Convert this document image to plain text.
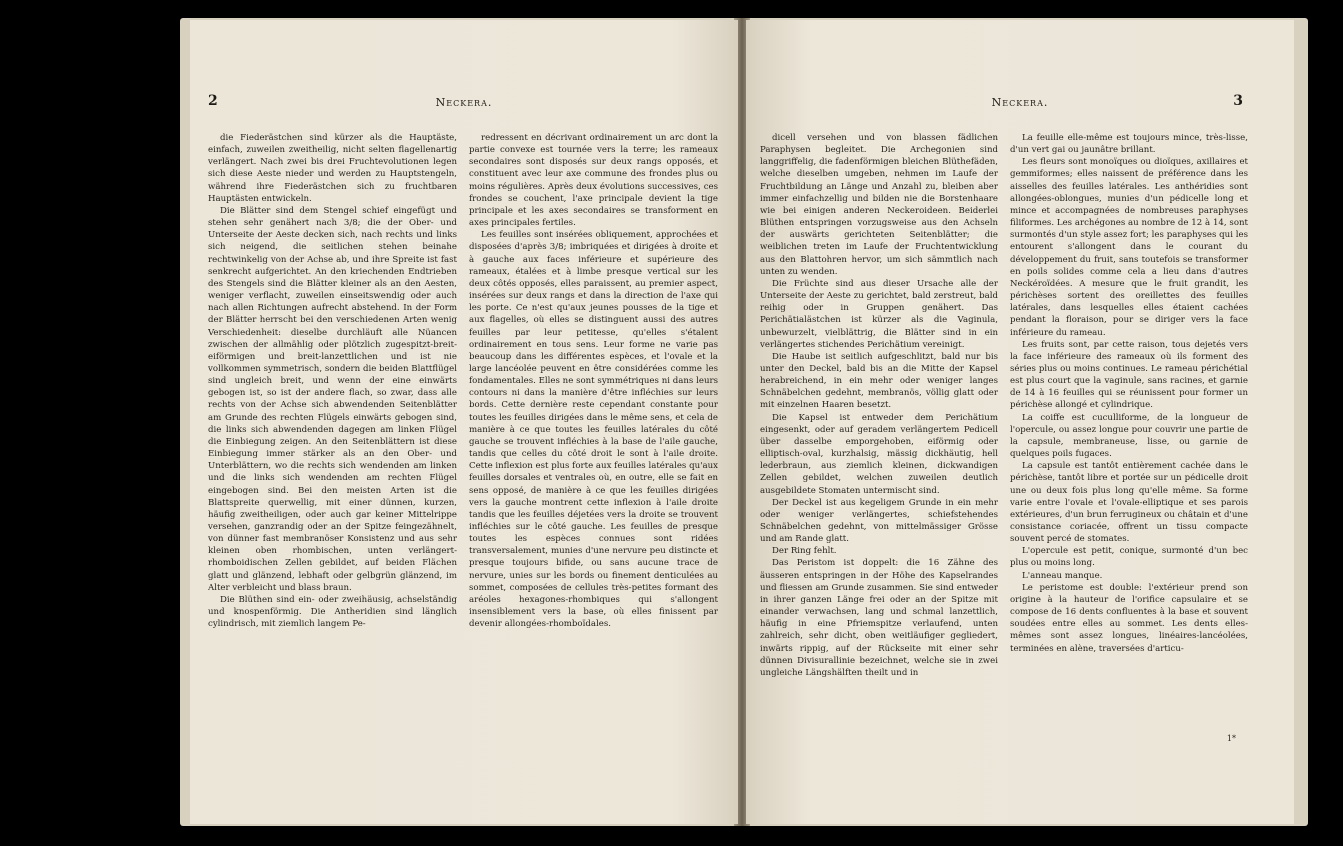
2	Neckera.

die Fiederästchen sind kürzer als die Hauptäste, einfach, zuweilen zweitheilig, nicht selten flagellenartig verlängert. Nach zwei bis drei Fruchtevolutionen legen sich diese Aeste nieder und werden zu Hauptstengeln, während ihre Fiederästchen sich zu fruchtbaren Hauptästen entwickeln.

Die Blätter sind dem Stengel schief eingefügt und stehen sehr genähert nach 3/8; die der Ober- und Unterseite der Aeste decken sich, nach rechts und links sich neigend, die seitlichen stehen beinahe rechtwinkelig von der Achse ab, und ihre Spreite ist fast senkrecht aufgerichtet. An den kriechenden Endtrieben des Stengels sind die Blätter kleiner als an den Aesten, weniger verflacht, zuweilen einseitswendig oder auch nach allen Richtungen aufrecht abstehend. In der Form der Blätter herrscht bei den verschiedenen Arten wenig Verschiedenheit: dieselbe durchläuft alle Nüancen zwischen der allmählig oder plötzlich zugespitzt-breit-eiförmigen und breit-lanzettlichen und ist nie vollkommen symmetrisch, sondern die beiden Blattflügel sind ungleich breit, und wenn der eine einwärts gebogen ist, so ist der andere flach, so zwar, dass alle rechts von der Achse sich abwendenden Seitenblätter am Grunde des rechten Flügels einwärts gebogen sind, die links sich abwendenden dagegen am linken Flügel die Einbiegung zeigen. An den Seitenblättern ist diese Einbiegung immer stärker als an den Ober- und Unterblättern, wo die rechts sich wendenden am linken und die links sich wendenden am rechten Flügel eingebogen sind. Bei den meisten Arten ist die Blattspreite querwellig, mit einer dünnen, kurzen, häufig zweitheiligen, oder auch gar keiner Mittelrippe versehen, ganzrandig oder an der Spitze feingezähnelt, von dünner fast membranöser Konsistenz und aus sehr kleinen oben rhombischen, unten verlängert-rhomboidischen Zellen gebildet, auf beiden Flächen glatt und glänzend, lebhaft oder gelbgrün glänzend, im Alter verbleicht und blass braun.

Die Blüthen sind ein- oder zweihäusig, achselständig und knospenförmig. Die Antheridien sind länglich cylindrisch, mit ziemlich langem Pe-

redressent en décrivant ordinairement un arc dont la partie convexe est tournée vers la terre; les rameaux secondaires sont disposés sur deux rangs opposés, et constituent avec leur axe commune des frondes plus ou moins régulières. Après deux évolutions successives, ces frondes se couchent, l'axe principale devient la tige principale et les axes secondaires se transforment en axes principales fertiles.

Les feuilles sont insérées obliquement, approchées et disposées d'après 3/8; imbriquées et dirigées à droite et à gauche aux faces inférieure et supérieure des rameaux, étalées et à limbe presque vertical sur les deux côtés opposés, elles paraissent, au premier aspect, insérées sur deux rangs et dans la direction de l'axe qui les porte. Ce n'est qu'aux jeunes pousses de la tige et aux flagelles, où elles se distinguent aussi des autres feuilles par leur petitesse, qu'elles s'étalent ordinairement en tous sens. Leur forme ne varie pas beaucoup dans les différentes espèces, et l'ovale et la large lancéolée peuvent en être considérées comme les fondamentales. Elles ne sont symmétriques ni dans leurs contours ni dans la manière d'être infléchies sur leurs bords. Cette dernière reste cependant constante pour toutes les feuilles dirigées dans le même sens, et cela de manière à ce que toutes les feuilles latérales du côté gauche se trouvent infléchies à la base de l'aile gauche, tandis que celles du côté droit le sont à l'aile droite. Cette inflexion est plus forte aux feuilles latérales qu'aux feuilles dorsales et ventrales où, en outre, elle se fait en sens opposé, de manière à ce que les feuilles dirigées vers la gauche montrent cette inflexion à l'aile droite tandis que les feuilles déjetées vers la droite se trouvent infléchies sur le côté gauche. Les feuilles de presque toutes les espèces connues sont ridées transversalement, munies d'une nervure peu distincte et presque toujours bifide, ou sans aucune trace de nervure, unies sur les bords ou finement denticulées au sommet, composées de cellules très-petites formant des aréoles hexagones-rhombiques qui s'allongent insensiblement vers la base, où elles finissent par devenir allongées-rhomboïdales.

Neckera.	3

dicell versehen und von blassen fädlichen Paraphysen begleitet. Die Archegonien sind langgriffelig, die fadenförmigen bleichen Blüthefäden, welche dieselben umgeben, nehmen im Laufe der Fruchtbildung an Länge und Anzahl zu, bleiben aber immer einfachzellig und bilden nie die Borstenhaare wie bei einigen anderen Neckeroideen. Beiderlei Blüthen entspringen vorzugsweise aus den Achseln der auswärts gerichteten Seitenblätter; die weiblichen treten im Laufe der Fruchtentwicklung aus den Blattohren hervor, um sich sämmtlich nach unten zu wenden.

Die Früchte sind aus dieser Ursache alle der Unterseite der Aeste zu gerichtet, bald zerstreut, bald reihig oder in Gruppen genähert. Das Perichätialästchen ist kürzer als die Vaginula, unbewurzelt, vielblättrig, die Blätter sind in ein verlängertes stichendes Perichätium vereinigt.

Die Haube ist seitlich aufgeschlitzt, bald nur bis unter den Deckel, bald bis an die Mitte der Kapsel herabreichend, in ein mehr oder weniger langes Schnäbelchen gedehnt, membranös, völlig glatt oder mit einzelnen Haaren besetzt.

Die Kapsel ist entweder dem Perichätium eingesenkt, oder auf geradem verlängertem Pedicell über dasselbe emporgehoben, eiförmig oder elliptisch-oval, kurzhalsig, mässig dickhäutig, hell lederbraun, aus ziemlich kleinen, dickwandigen Zellen gebildet, welchen zuweilen deutlich ausgebildete Stomaten untermischt sind.

Der Deckel ist aus kegeligem Grunde in ein mehr oder weniger verlängertes, schiefstehendes Schnäbelchen gedehnt, von mittelmässiger Grösse und am Rande glatt.

Der Ring fehlt.

Das Peristom ist doppelt: die 16 Zähne des äusseren entspringen in der Höhe des Kapselrandes und fliessen am Grunde zusammen. Sie sind entweder in ihrer ganzen Länge frei oder an der Spitze mit einander verwachsen, lang und schmal lanzettlich, häufig in eine Pfriemspitze verlaufend, unten zahlreich, sehr dicht, oben weitläufiger gegliedert, inwärts rippig, auf der Rückseite mit einer sehr dünnen Divisurallinie bezeichnet, welche sie in zwei ungleiche Längshälften theilt und in

La feuille elle-même est toujours mince, très-lisse, d'un vert gai ou jaunâtre brillant.

Les fleurs sont monoïques ou dioïques, axillaires et gemmiformes; elles naissent de préférence dans les aisselles des feuilles latérales. Les anthéridies sont allongées-oblongues, munies d'un pédicelle long et mince et accompagnées de nombreuses paraphyses filiformes. Les archégones au nombre de 12 à 14, sont surmontés d'un style assez fort; les paraphyses qui les entourent s'allongent dans le courant du développement du fruit, sans toutefois se transformer en poils solides comme cela a lieu dans d'autres Neckéroïdées. A mesure que le fruit grandit, les périchèses sortent des oreillettes des feuilles latérales, dans lesquelles elles étaient cachées pendant la floraison, pour se diriger vers la face inférieure du rameau.

Les fruits sont, par cette raison, tous dejetés vers la face inférieure des rameaux où ils forment des séries plus ou moins continues. Le rameau périchétial est plus court que la vaginule, sans racines, et garnie de 14 à 16 feuilles qui se réunissent pour former un périchèse allongé et cylindrique.

La coiffe est cuculliforme, de la longueur de l'opercule, ou assez longue pour couvrir une partie de la capsule, membraneuse, lisse, ou garnie de quelques poils fugaces.

La capsule est tantôt entièrement cachée dans le périchèse, tantôt libre et portée sur un pédicelle droit une ou deux fois plus long qu'elle même. Sa forme varie entre l'ovale et l'ovale-elliptique et ses parois extérieures, d'un brun ferrugineux ou châtain et d'une consistance coriacée, offrent un tissu compacte souvent percé de stomates.

L'opercule est petit, conique, surmonté d'un bec plus ou moins long.

L'anneau manque.

Le peristome est double: l'extérieur prend son origine à la hauteur de l'orifice capsulaire et se compose de 16 dents confluentes à la base et souvent soudées entre elles au sommet. Les dents elles-mêmes sont assez longues, linéaires-lancéolées, terminées en alène, traversées d'articu-

1*
